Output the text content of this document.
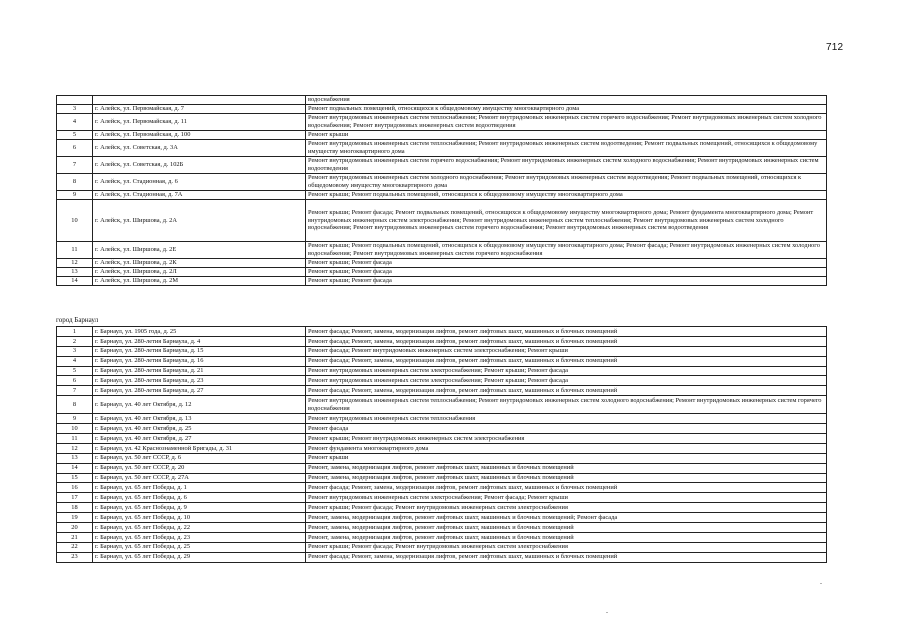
712
		водоснабжения
3	г. Алейск, ул. Первомайская, д. 7	Ремонт подвальных помещений, относящихся к общедомовому имуществу многоквартирного дома
4	г. Алейск, ул. Первомайская, д. 11	Ремонт внутридомовых инженерных систем теплоснабжения; Ремонт внутридомовых инженерных систем горячего водоснабжения; Ремонт внутридомовых инженерных систем холодного водоснабжения; Ремонт внутридомовых инженерных систем водоотведения
5	г. Алейск, ул. Первомайская, д. 100	Ремонт крыши
6	г. Алейск, ул. Советская, д. 3А	Ремонт внутридомовых инженерных систем теплоснабжения; Ремонт внутридомовых инженерных систем водоотведения; Ремонт подвальных помещений, относящихся к общедомовому имуществу многоквартирного дома
7	г. Алейск, ул. Советская, д. 102Б	Ремонт внутридомовых инженерных систем горячего водоснабжения; Ремонт внутридомовых инженерных систем холодного водоснабжения; Ремонт внутридомовых инженерных систем водоотведения
8	г. Алейск, ул. Стадионная, д. 6	Ремонт внутридомовых инженерных систем холодного водоснабжения; Ремонт внутридомовых инженерных систем водоотведения; Ремонт подвальных помещений, относящихся к общедомовому имуществу многоквартирного дома
9	г. Алейск, ул. Стадионная, д. 7А	Ремонт крыши; Ремонт подвальных помещений, относящихся к общедомовому имуществу многоквартирного дома
10	г. Алейск, ул. Ширшова, д. 2А	Ремонт крыши; Ремонт фасада; Ремонт подвальных помещений, относящихся к общедомовому имуществу многоквартирного дома; Ремонт фундамента многоквартирного дома; Ремонт внутридомовых инженерных систем электроснабжения; Ремонт внутридомовых инженерных систем теплоснабжения; Ремонт внутридомовых инженерных систем холодного водоснабжения; Ремонт внутридомовых инженерных систем горячего водоснабжения; Ремонт внутридомовых инженерных систем водоотведения
11	г. Алейск, ул. Ширшова, д. 2Е	Ремонт крыши; Ремонт подвальных помещений, относящихся к общедомовому имуществу многоквартирного дома; Ремонт фасада; Ремонт внутридомовых инженерных систем холодного водоснабжения; Ремонт внутридомовых инженерных систем горячего водоснабжения
12	г. Алейск, ул. Ширшова, д. 2К	Ремонт крыши; Ремонт фасада
13	г. Алейск, ул. Ширшова, д. 2Л	Ремонт крыши; Ремонт фасада
14	г. Алейск, ул. Ширшова, д. 2М	Ремонт крыши; Ремонт фасада
город Барнаул
1	г. Барнаул, ул. 1905 года, д. 25	Ремонт фасада; Ремонт, замена, модернизация лифтов, ремонт лифтовых шахт, машинных и блочных помещений
2	г. Барнаул, ул. 280-летия Барнаула, д. 4	Ремонт фасада; Ремонт, замена, модернизация лифтов, ремонт лифтовых шахт, машинных и блочных помещений
3	г. Барнаул, ул. 280-летия Барнаула, д. 15	Ремонт фасада; Ремонт внутридомовых инженерных систем электроснабжения; Ремонт крыши
4	г. Барнаул, ул. 280-летия Барнаула, д. 16	Ремонт фасада; Ремонт, замена, модернизация лифтов, ремонт лифтовых шахт, машинных и блочных помещений
5	г. Барнаул, ул. 280-летия Барнаула, д. 21	Ремонт внутридомовых инженерных систем электроснабжения; Ремонт крыши; Ремонт фасада
6	г. Барнаул, ул. 280-летия Барнаула, д. 23	Ремонт внутридомовых инженерных систем электроснабжения; Ремонт крыши; Ремонт фасада
7	г. Барнаул, ул. 280-летия Барнаула, д. 27	Ремонт фасада; Ремонт, замена, модернизация лифтов, ремонт лифтовых шахт, машинных и блочных помещений
8	г. Барнаул, ул. 40 лет Октября, д. 12	Ремонт внутридомовых инженерных систем теплоснабжения; Ремонт внутридомовых инженерных систем холодного водоснабжения; Ремонт внутридомовых инженерных систем горячего водоснабжения
9	г. Барнаул, ул. 40 лет Октября, д. 13	Ремонт внутридомовых инженерных систем теплоснабжения
10	г. Барнаул, ул. 40 лет Октября, д. 25	Ремонт фасада
11	г. Барнаул, ул. 40 лет Октября, д. 27	Ремонт крыши; Ремонт внутридомовых инженерных систем электроснабжения
12	г. Барнаул, ул. 42 Краснознаменной Бригады, д. 31	Ремонт фундамента многоквартирного дома
13	г. Барнаул, ул. 50 лет СССР, д. 6	Ремонт крыши
14	г. Барнаул, ул. 50 лет СССР, д. 20	Ремонт, замена, модернизация лифтов, ремонт лифтовых шахт, машинных и блочных помещений
15	г. Барнаул, ул. 50 лет СССР, д. 27А	Ремонт, замена, модернизация лифтов, ремонт лифтовых шахт, машинных и блочных помещений
16	г. Барнаул, ул. 65 лет Победы, д. 1	Ремонт фасада; Ремонт, замена, модернизация лифтов, ремонт лифтовых шахт, машинных и блочных помещений
17	г. Барнаул, ул. 65 лет Победы, д. 6	Ремонт внутридомовых инженерных систем электроснабжения; Ремонт фасада; Ремонт крыши
18	г. Барнаул, ул. 65 лет Победы, д. 9	Ремонт крыши; Ремонт фасада; Ремонт внутридомовых инженерных систем электроснабжения
19	г. Барнаул, ул. 65 лет Победы, д. 10	Ремонт, замена, модернизация лифтов, ремонт лифтовых шахт, машинных и блочных помещений; Ремонт фасада
20	г. Барнаул, ул. 65 лет Победы, д. 22	Ремонт, замена, модернизация лифтов, ремонт лифтовых шахт, машинных и блочных помещений
21	г. Барнаул, ул. 65 лет Победы, д. 23	Ремонт, замена, модернизация лифтов, ремонт лифтовых шахт, машинных и блочных помещений
22	г. Барнаул, ул. 65 лет Победы, д. 25	Ремонт крыши; Ремонт фасада; Ремонт внутридомовых инженерных систем электроснабжения
23	г. Барнаул, ул. 65 лет Победы, д. 29	Ремонт фасада; Ремонт, замена, модернизация лифтов, ремонт лифтовых шахт, машинных и блочных помещений
